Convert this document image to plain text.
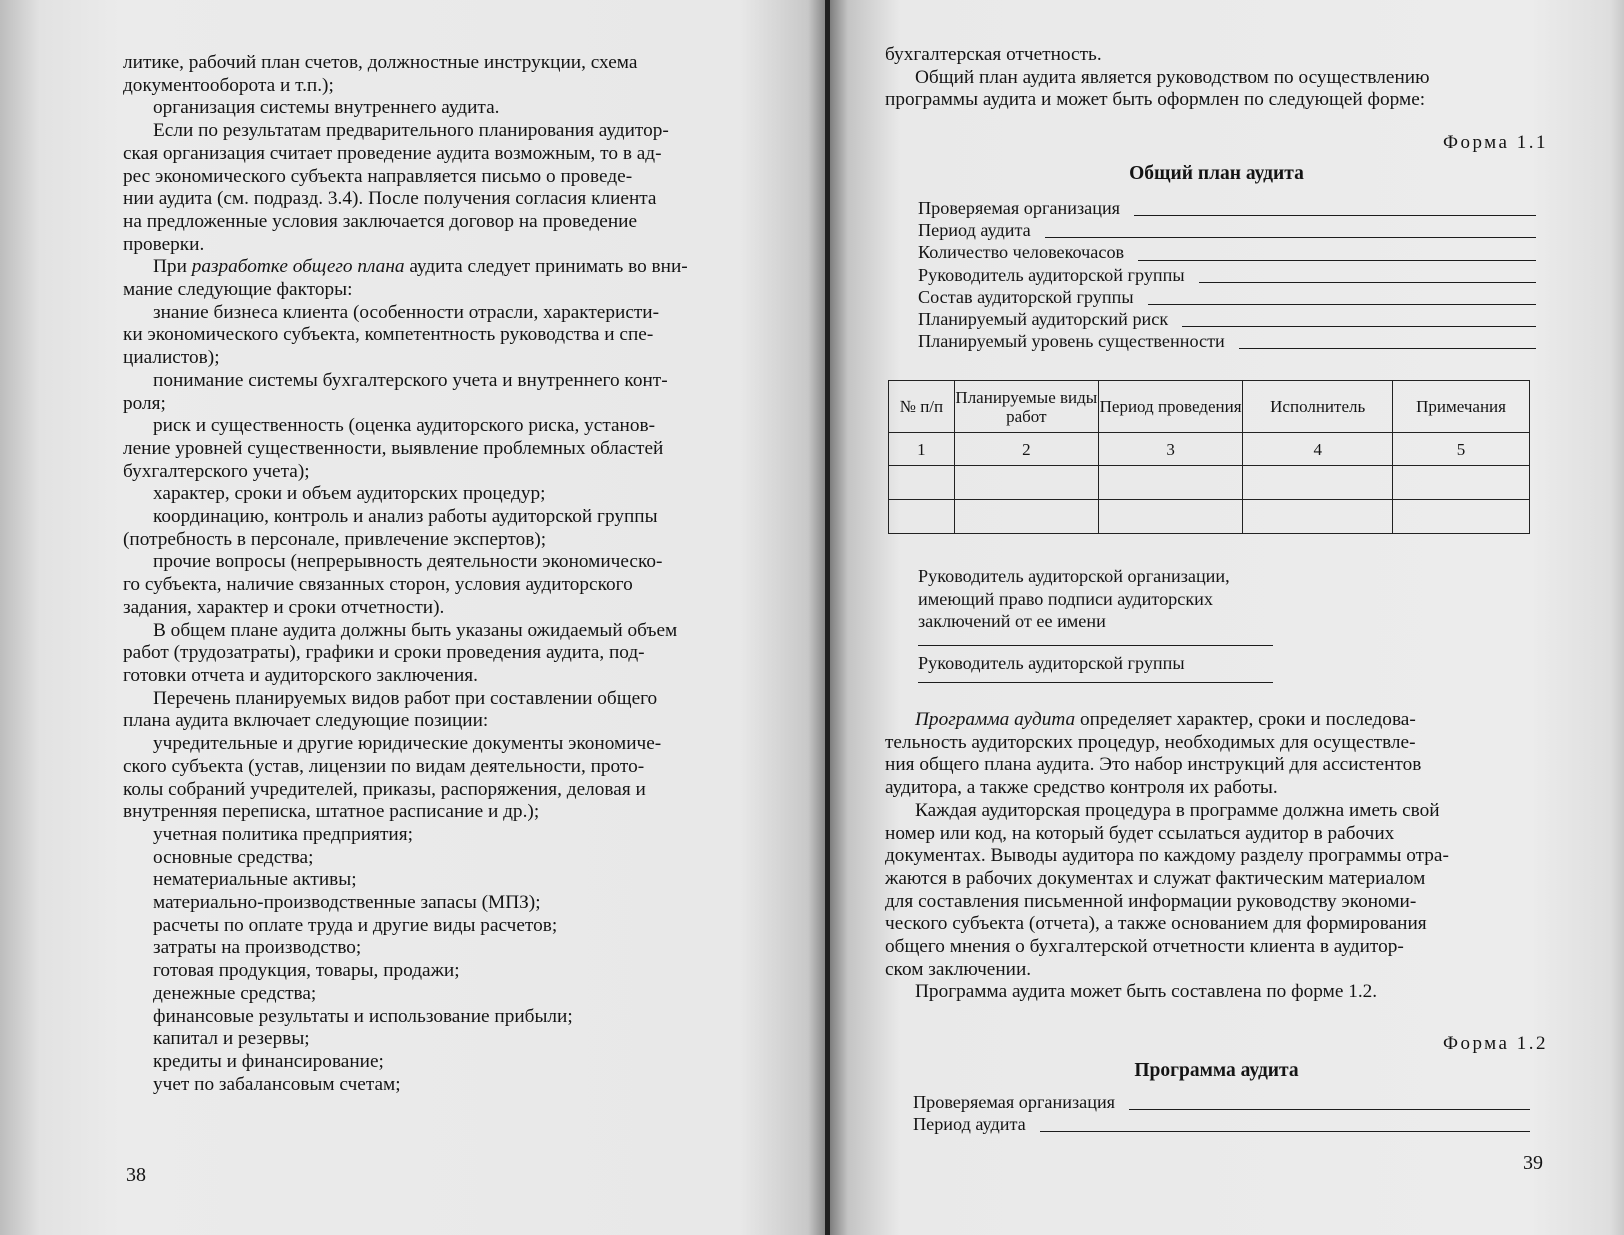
литике, рабочий план счетов, должностные инструкции, схема

документооборота и т.п.);

организация системы внутреннего аудита.

Если по результатам предварительного планирования аудитор-

ская организация считает проведение аудита возможным, то в ад-

рес экономического субъекта направляется письмо о проведе-

нии аудита (см. подразд. 3.4). После получения согласия клиента

на предложенные условия заключается договор на проведение

проверки.

При разработке общего плана аудита следует принимать во вни-

мание следующие факторы:

знание бизнеса клиента (особенности отрасли, характеристи-

ки экономического субъекта, компетентность руководства и спе-

циалистов);

понимание системы бухгалтерского учета и внутреннего конт-

роля;

риск и существенность (оценка аудиторского риска, установ-

ление уровней существенности, выявление проблемных областей

бухгалтерского учета);

характер, сроки и объем аудиторских процедур;

координацию, контроль и анализ работы аудиторской группы

(потребность в персонале, привлечение экспертов);

прочие вопросы (непрерывность деятельности экономическо-

го субъекта, наличие связанных сторон, условия аудиторского

задания, характер и сроки отчетности).

В общем плане аудита должны быть указаны ожидаемый объем

работ (трудозатраты), графики и сроки проведения аудита, под-

готовки отчета и аудиторского заключения.

Перечень планируемых видов работ при составлении общего

плана аудита включает следующие позиции:

учредительные и другие юридические документы экономиче-

ского субъекта (устав, лицензии по видам деятельности, прото-

колы собраний учредителей, приказы, распоряжения, деловая и

внутренняя переписка, штатное расписание и др.);

учетная политика предприятия;

основные средства;

нематериальные активы;

материально-производственные запасы (МПЗ);

расчеты по оплате труда и другие виды расчетов;

затраты на производство;

готовая продукция, товары, продажи;

денежные средства;

финансовые результаты и использование прибыли;

капитал и резервы;

кредиты и финансирование;

учет по забалансовым счетам;

38

бухгалтерская отчетность.

Общий план аудита является руководством по осуществлению

программы аудита и может быть оформлен по следующей форме:

Форма 1.1

Общий план аудита

Проверяемая организация
Период аудита
Количество человекочасов
Руководитель аудиторской группы
Состав аудиторской группы
Планируемый аудиторский риск
Планируемый уровень существенности
№ п/п	Планируемые виды работ	Период проведения	Исполнитель	Примечания
1	2	3	4	5

Руководитель аудиторской организации,
имеющий право подписи аудиторских
заключений от ее имени
Руководитель аудиторской группы

Программа аудита определяет характер, сроки и последова-

тельность аудиторских процедур, необходимых для осуществле-

ния общего плана аудита. Это набор инструкций для ассистентов

аудитора, а также средство контроля их работы.

Каждая аудиторская процедура в программе должна иметь свой

номер или код, на который будет ссылаться аудитор в рабочих

документах. Выводы аудитора по каждому разделу программы отра-

жаются в рабочих документах и служат фактическим материалом

для составления письменной информации руководству экономи-

ческого субъекта (отчета), а также основанием для формирования

общего мнения о бухгалтерской отчетности клиента в аудитор-

ском заключении.

Программа аудита может быть составлена по форме 1.2.

Форма 1.2

Программа аудита

Проверяемая организация
Период аудита
39
